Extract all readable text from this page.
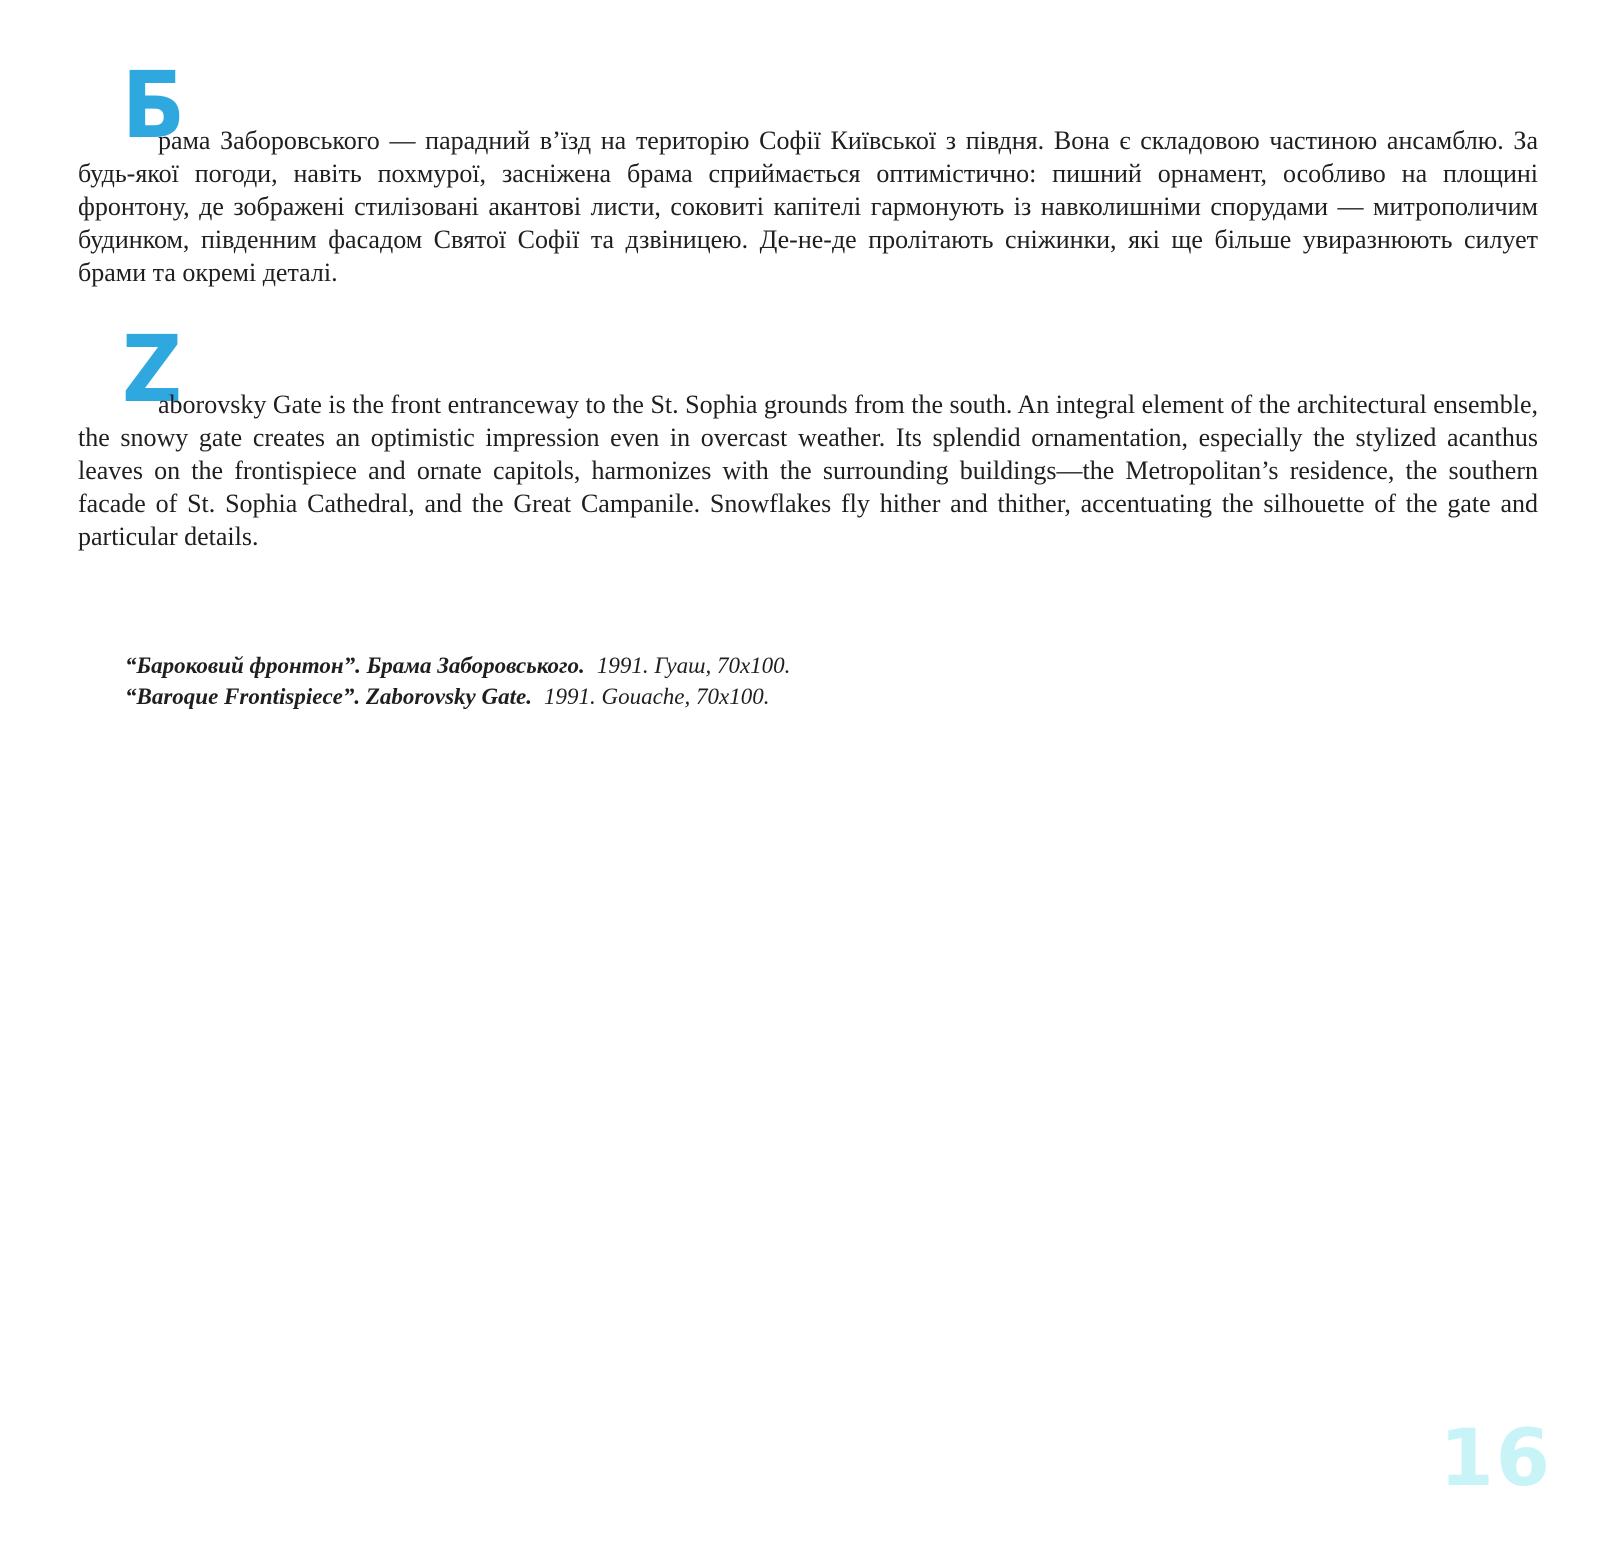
Б

рама Заборовського — парадний в’їзд на територію Софії Київської з півдня. Вона є складовою частиною ансамблю. За будь-якої погоди, навіть похмурої, засніжена брама сприймається оптимістично: пишний орнамент, особливо на площині фронтону, де зображені стилізовані акантові листи, соковиті капітелі гармонують із навколишніми спорудами — митрополичим будинком, південним фасадом Святої Софії та дзвіницею. Де-не-де пролітають сніжинки, які ще більше увиразнюють силует брами та окремі деталі.

Z

aborovsky Gate is the front entranceway to the St. Sophia grounds from the south. An integral element of the architectural ensemble, the snowy gate creates an optimistic impression even in overcast weather. Its splendid ornamentation, especially the stylized acanthus leaves on the frontispiece and ornate capitols, harmonizes with the surrounding buildings—the Metropolitan’s residence, the southern facade of St. Sophia Cathedral, and the Great Campanile. Snowflakes fly hither and thither, accentuating the silhouette of the gate and particular details.

“Бароковий фронтон”. Брама Заборовського. 1991. Гуаш, 70x100.
“Baroque Frontispiece”. Zaborovsky Gate. 1991. Gouache, 70x100.
16
